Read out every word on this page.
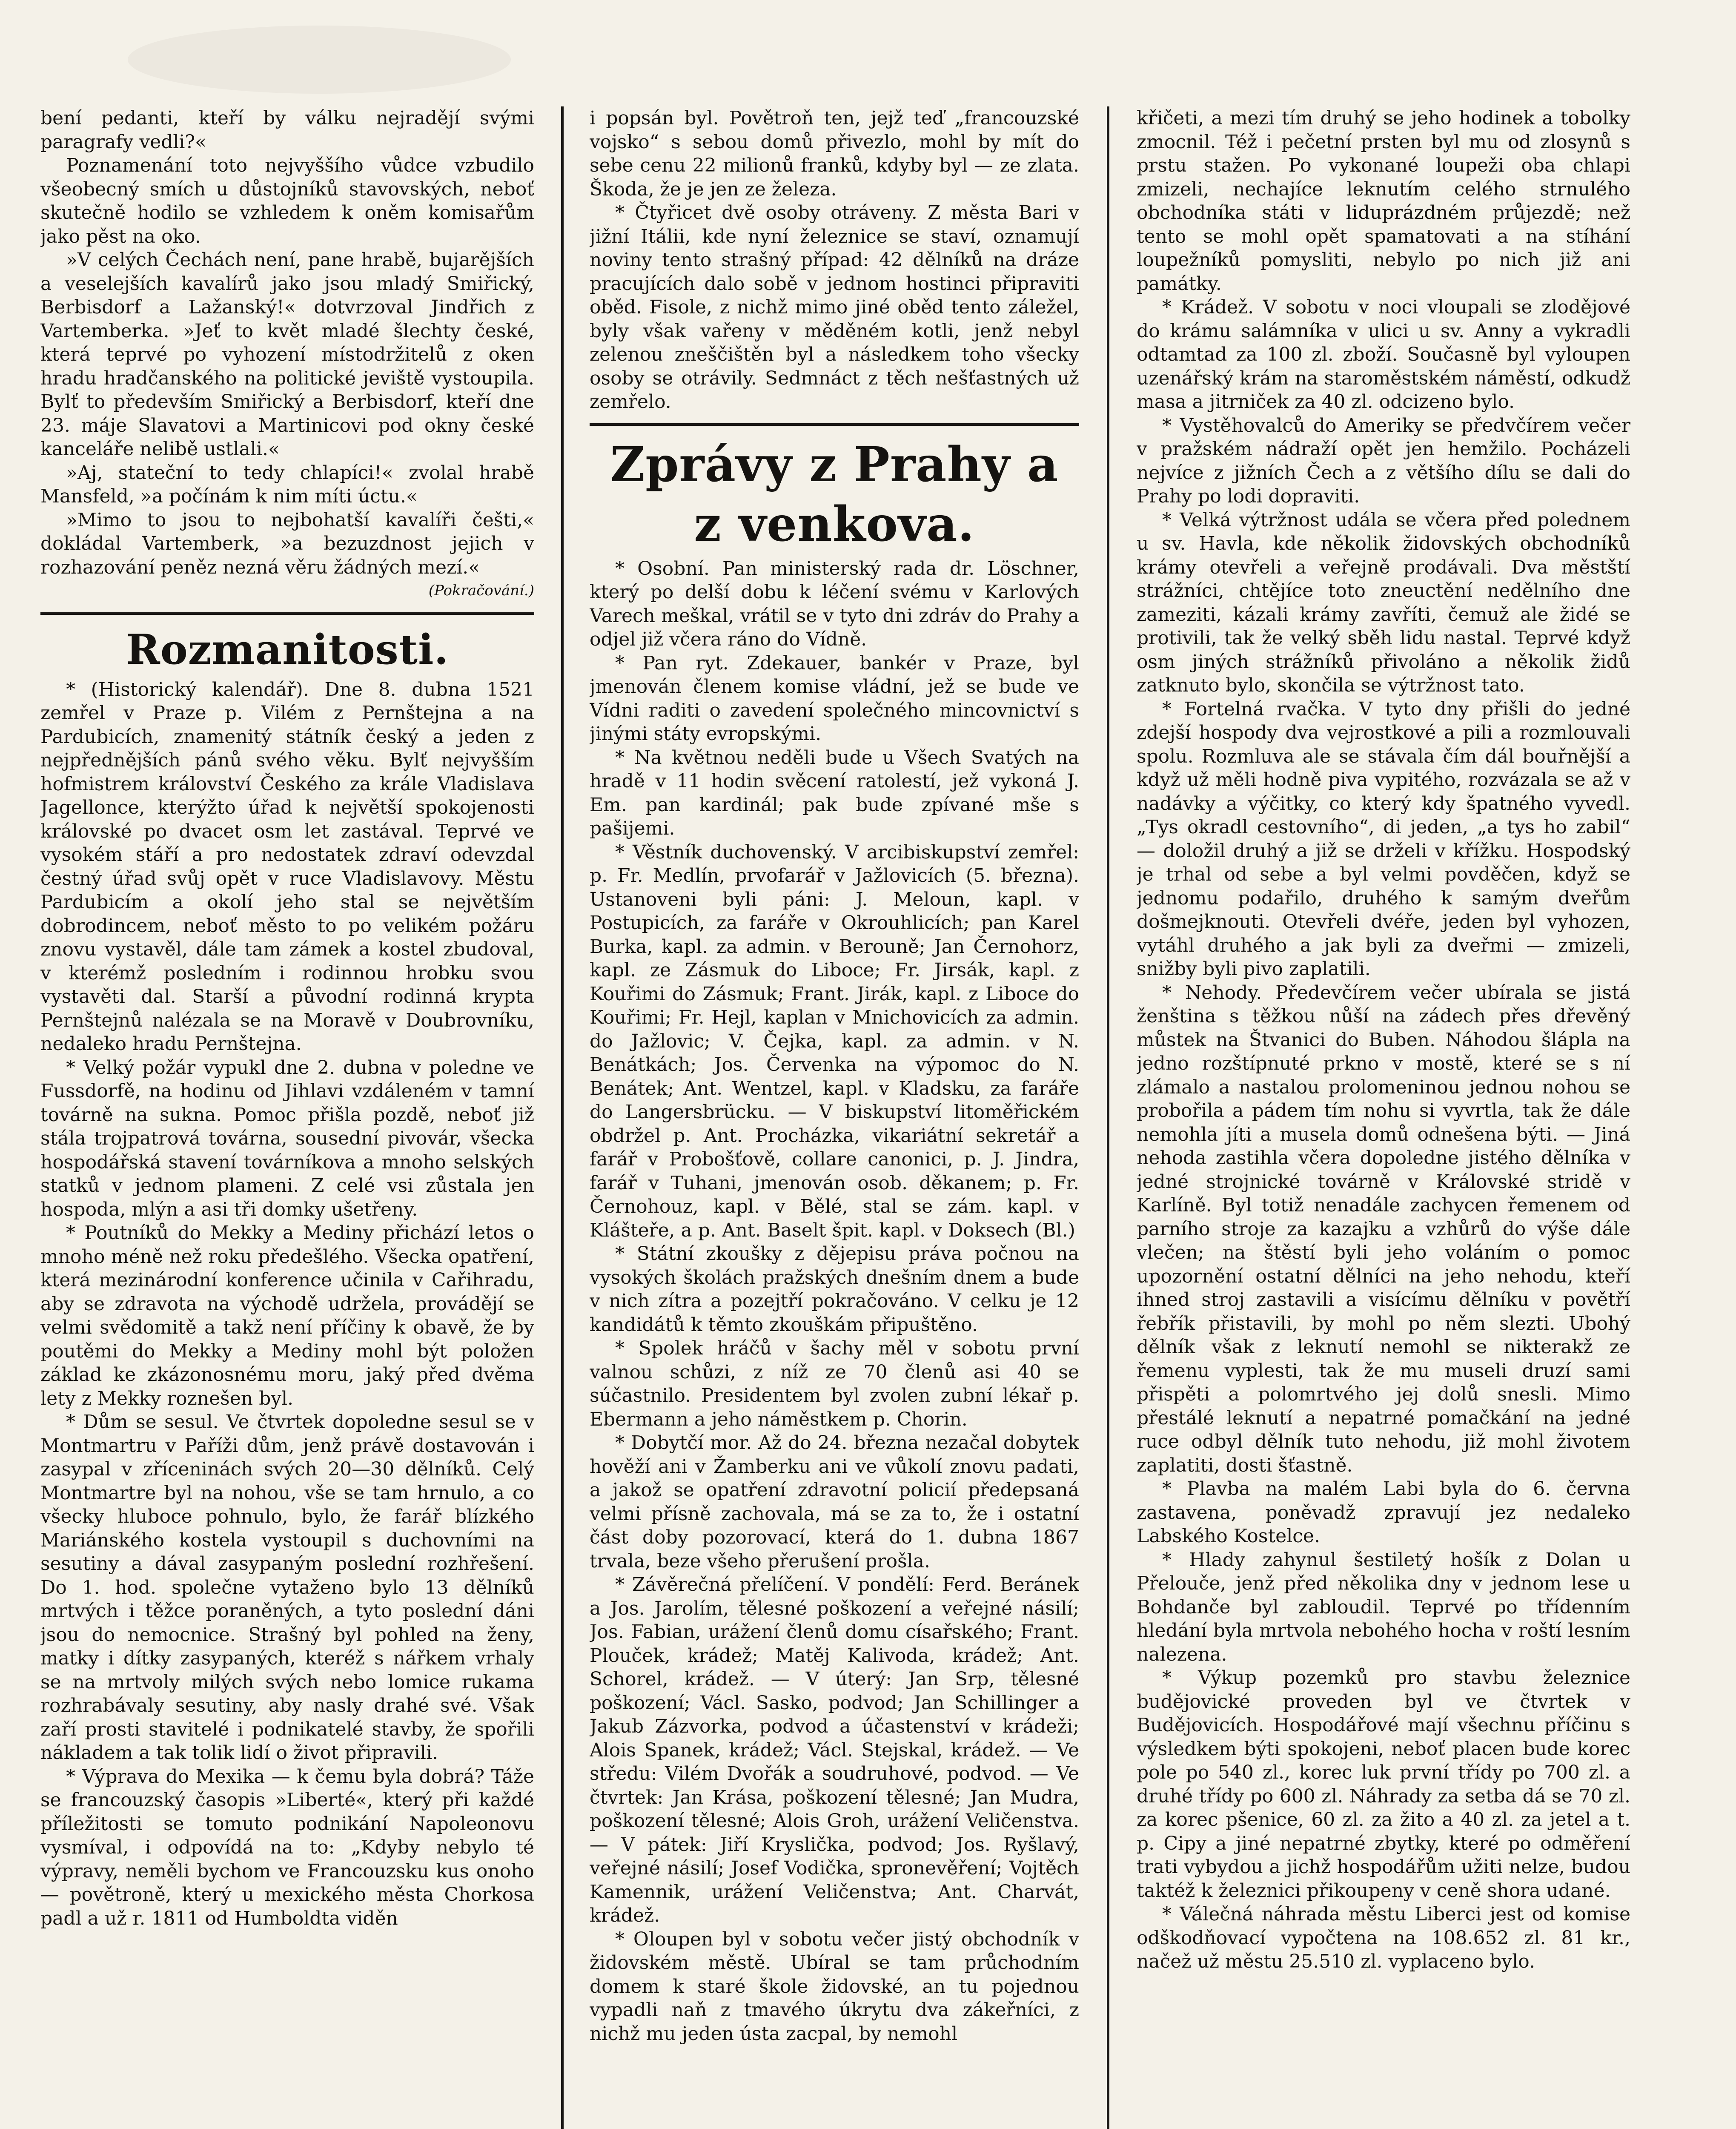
bení pedanti, kteří by válku nejradějí svými paragrafy vedli?«

Poznamenání toto nejvyššího vůdce vzbudilo všeobecný smích u důstojníků stavovských, neboť skutečně hodilo se vzhledem k oněm komisařům jako pěst na oko.

»V celých Čechách není, pane hrabě, bujarějších a veselejších kavalírů jako jsou mladý Smiřický, Berbisdorf a Lažanský!« dotvrzoval Jindřich z Vartemberka. »Jeť to květ mladé šlechty české, která teprvé po vyhození místodržitelů z oken hradu hradčanského na politické jeviště vystoupila. Bylť to především Smiřický a Berbisdorf, kteří dne 23. máje Slavatovi a Martinicovi pod okny české kanceláře nelibě ustlali.«

»Aj, stateční to tedy chlapíci!« zvolal hrabě Mansfeld, »a počínám k nim míti úctu.«

»Mimo to jsou to nejbohatší kavalíři češti,« dokládal Vartemberk, »a bezuzdnost jejich v rozhazování peněz nezná věru žádných mezí.«

(Pokračování.)
Rozmanitosti.

* (Historický kalendář). Dne 8. dubna 1521 zemřel v Praze p. Vilém z Pernštejna a na Pardubicích, znamenitý státník český a jeden z nejpřednějších pánů svého věku. Bylť nejvyšším hofmistrem království Českého za krále Vladislava Jagellonce, kterýžto úřad k největší spokojenosti královské po dvacet osm let zastával. Teprvé ve vysokém stáří a pro nedostatek zdraví odevzdal čestný úřad svůj opět v ruce Vladislavovy. Městu Pardubicím a okolí jeho stal se největším dobrodincem, neboť město to po velikém požáru znovu vystavěl, dále tam zámek a kostel zbudoval, v kterémž posledním i rodinnou hrobku svou vystavěti dal. Starší a původní rodinná krypta Pernštejnů nalézala se na Moravě v Doubrovníku, nedaleko hradu Pernštejna.

* Velký požár vypukl dne 2. dubna v poledne ve Fussdorfě, na hodinu od Jihlavi vzdáleném v tamní továrně na sukna. Pomoc přišla pozdě, neboť již stála trojpatrová továrna, sousední pivovár, všecka hospodářská stavení továrníkova a mnoho selských statků v jednom plameni. Z celé vsi zůstala jen hospoda, mlýn a asi tři domky ušetřeny.

* Poutníků do Mekky a Mediny přichází letos o mnoho méně než roku předešlého. Všecka opatření, která mezinárodní konference učinila v Cařihradu, aby se zdravota na východě udržela, provádějí se velmi svědomitě a takž není příčiny k obavě, že by poutěmi do Mekky a Mediny mohl být položen základ ke zkázonosnému moru, jaký před dvěma lety z Mekky roznešen byl.

* Dům se sesul. Ve čtvrtek dopoledne sesul se v Montmartru v Paříži dům, jenž právě dostavován i zasypal v zříceninách svých 20—30 dělníků. Celý Montmartre byl na nohou, vše se tam hrnulo, a co všecky hluboce pohnulo, bylo, že farář blízkého Mariánského kostela vystoupil s duchovními na sesutiny a dával zasypaným poslední rozhřešení. Do 1. hod. společne vytaženo bylo 13 dělníků mrtvých i těžce poraněných, a tyto poslední dáni jsou do nemocnice. Strašný byl pohled na ženy, matky i dítky zasypaných, kteréž s nářkem vrhaly se na mrtvoly milých svých nebo lomice rukama rozhrabávaly sesutiny, aby nasly drahé své. Však zaří prosti stavitelé i podnikatelé stavby, že spořili nákladem a tak tolik lidí o život připravili.

* Výprava do Mexika — k čemu byla dobrá? Táže se francouzský časopis »Liberté«, který při každé příležitosti se tomuto podnikání Napoleonovu vysmíval, i odpovídá na to: „Kdyby nebylo té výpravy, neměli bychom ve Francouzsku kus onoho — povětroně, který u mexického města Chorkosa padl a už r. 1811 od Humboldta viděn

i popsán byl. Povětroň ten, jejž teď „francouzské vojsko“ s sebou domů přivezlo, mohl by mít do sebe cenu 22 milionů franků, kdyby byl — ze zlata. Škoda, že je jen ze železa.

* Čtyřicet dvě osoby otráveny. Z města Bari v jižní Itálii, kde nyní železnice se staví, oznamují noviny tento strašný případ: 42 dělníků na dráze pracujících dalo sobě v jednom hostinci připraviti oběd. Fisole, z nichž mimo jiné oběd tento záležel, byly však vařeny v měděném kotli, jenž nebyl zelenou zneščištěn byl a následkem toho všecky osoby se otrávily. Sedmnáct z těch nešťastných už zemřelo.

Zprávy z Prahy a z venkova.

* Osobní. Pan ministerský rada dr. Löschner, který po delší dobu k léčení svému v Karlových Varech meškal, vrátil se v tyto dni zdráv do Prahy a odjel již včera ráno do Vídně.

* Pan ryt. Zdekauer, bankér v Praze, byl jmenován členem komise vládní, jež se bude ve Vídni raditi o zavedení společného mincovnictví s jinými státy evropskými.

* Na květnou neděli bude u Všech Svatých na hradě v 11 hodin svěcení ratolestí, jež vykoná J. Em. pan kardinál; pak bude zpívané mše s pašijemi.

* Věstník duchovenský. V arcibiskupství zemřel: p. Fr. Medlín, prvofarář v Jažlovicích (5. března). Ustanoveni byli páni: J. Meloun, kapl. v Postupicích, za faráře v Okrouhlicích; pan Karel Burka, kapl. za admin. v Berouně; Jan Černohorz, kapl. ze Zásmuk do Liboce; Fr. Jirsák, kapl. z Kouřimi do Zásmuk; Frant. Jirák, kapl. z Liboce do Kouřimi; Fr. Hejl, kaplan v Mnichovicích za admin. do Jažlovic; V. Čejka, kapl. za admin. v N. Benátkách; Jos. Červenka na výpomoc do N. Benátek; Ant. Wentzel, kapl. v Kladsku, za faráře do Langersbrücku. — V biskupství litoměřickém obdržel p. Ant. Procházka, vikariátní sekretář a farář v Probošťově, collare canonici, p. J. Jindra, farář v Tuhani, jmenován osob. děkanem; p. Fr. Černohouz, kapl. v Bělé, stal se zám. kapl. v Klášteře, a p. Ant. Baselt špit. kapl. v Doksech (Bl.)

* Státní zkoušky z dějepisu práva počnou na vysokých školách pražských dnešním dnem a bude v nich zítra a pozejtří pokračováno. V celku je 12 kandidátů k těmto zkouškám připuštěno.

* Spolek hráčů v šachy měl v sobotu první valnou schůzi, z níž ze 70 členů asi 40 se súčastnilo. Presidentem byl zvolen zubní lékař p. Ebermann a jeho náměstkem p. Chorin.

* Dobytčí mor. Až do 24. března nezačal dobytek hověží ani v Žamberku ani ve vůkolí znovu padati, a jakož se opatření zdravotní policií předepsaná velmi přísně zachovala, má se za to, že i ostatní část doby pozorovací, která do 1. dubna 1867 trvala, beze všeho přerušení prošla.

* Závěrečná přelíčení. V pondělí: Ferd. Beránek a Jos. Jarolím, tělesné poškození a veřejné násilí; Jos. Fabian, urážení členů domu císařského; Frant. Plouček, krádež; Matěj Kalivoda, krádež; Ant. Schorel, krádež. — V úterý: Jan Srp, tělesné poškození; Václ. Sasko, podvod; Jan Schillinger a Jakub Zázvorka, podvod a účastenství v krádeži; Alois Spanek, krádež; Václ. Stejskal, krádež. — Ve středu: Vilém Dvořák a soudruhové, podvod. — Ve čtvrtek: Jan Krása, poškození tělesné; Jan Mudra, poškození tělesné; Alois Groh, urážení Veličenstva. — V pátek: Jiří Kryslička, podvod; Jos. Ryšlavý, veřejné násilí; Josef Vodička, spronevěření; Vojtěch Kamennik, urážení Veličenstva; Ant. Charvát, krádež.

* Oloupen byl v sobotu večer jistý obchodník v židovském městě. Ubíral se tam průchodním domem k staré škole židovské, an tu pojednou vypadli naň z tmavého úkrytu dva zákeřníci, z nichž mu jeden ústa zacpal, by nemohl

křičeti, a mezi tím druhý se jeho hodinek a tobolky zmocnil. Též i pečetní prsten byl mu od zlosynů s prstu stažen. Po vykonané loupeži oba chlapi zmizeli, nechajíce leknutím celého strnulého obchodníka státi v liduprázdném průjezdě; než tento se mohl opět spamatovati a na stíhání loupežníků pomysliti, nebylo po nich již ani památky.

* Krádež. V sobotu v noci vloupali se zlodějové do krámu salámníka v ulici u sv. Anny a vykradli odtamtad za 100 zl. zboží. Současně byl vyloupen uzenářský krám na staroměstském náměstí, odkudž masa a jitrniček za 40 zl. odcizeno bylo.

* Vystěhovalců do Ameriky se předvčírem večer v pražském nádraží opět jen hemžilo. Pocházeli nejvíce z jižních Čech a z většího dílu se dali do Prahy po lodi dopraviti.

* Velká výtržnost udála se včera před polednem u sv. Havla, kde několik židovských obchodníků krámy otevřeli a veřejně prodávali. Dva městští strážníci, chtějíce toto zneuctění nedělního dne zameziti, kázali krámy zavříti, čemuž ale židé se protivili, tak že velký sběh lidu nastal. Teprvé když osm jiných strážníků přivoláno a několik židů zatknuto bylo, skončila se výtržnost tato.

* Fortelná rvačka. V tyto dny přišli do jedné zdejší hospody dva vejrostkové a pili a rozmlouvali spolu. Rozmluva ale se stávala čím dál bouřnější a když už měli hodně piva vypitého, rozvázala se až v nadávky a výčitky, co který kdy špatného vyvedl. „Tys okradl cestovního“, di jeden, „a tys ho zabil“ — doložil druhý a již se drželi v křížku. Hospodský je trhal od sebe a byl velmi povděčen, když se jednomu podařilo, druhého k samým dveřům došmejknouti. Otevřeli dvéře, jeden byl vyhozen, vytáhl druhého a jak byli za dveřmi — zmizeli, snižby byli pivo zaplatili.

* Nehody. Předevčírem večer ubírala se jistá ženština s těžkou nůší na zádech přes dřevěný můstek na Štvanici do Buben. Náhodou šlápla na jedno rozštípnuté prkno v mostě, které se s ní zlámalo a nastalou prolomeninou jednou nohou se probořila a pádem tím nohu si vyvrtla, tak že dále nemohla jíti a musela domů odnešena býti. — Jiná nehoda zastihla včera dopoledne jistého dělníka v jedné strojnické továrně v Královské stridě v Karlíně. Byl totiž nenadále zachycen řemenem od parního stroje za kazajku a vzhůrů do výše dále vlečen; na štěstí byli jeho voláním o pomoc upozornění ostatní dělníci na jeho nehodu, kteří ihned stroj zastavili a visícímu dělníku v povětří řebřík přistavili, by mohl po něm slezti. Ubohý dělník však z leknutí nemohl se nikterakž ze řemenu vyplesti, tak že mu museli druzí sami přispěti a polomrtvého jej dolů snesli. Mimo přestálé leknutí a nepatrné pomačkání na jedné ruce odbyl dělník tuto nehodu, již mohl životem zaplatiti, dosti šťastně.

* Plavba na malém Labi byla do 6. června zastavena, poněvadž zpravují jez nedaleko Labského Kostelce.

* Hlady zahynul šestiletý hošík z Dolan u Přelouče, jenž před několika dny v jednom lese u Bohdanče byl zabloudil. Teprvé po třídenním hledání byla mrtvola nebohého hocha v roští lesním nalezena.

* Výkup pozemků pro stavbu železnice budějovické proveden byl ve čtvrtek v Budějovicích. Hospodářové mají všechnu příčinu s výsledkem býti spokojeni, neboť placen bude korec pole po 540 zl., korec luk první třídy po 700 zl. a druhé třídy po 600 zl. Náhrady za setba dá se 70 zl. za korec pšenice, 60 zl. za žito a 40 zl. za jetel a t. p. Cipy a jiné nepatrné zbytky, které po odměření trati vybydou a jichž hospodářům užiti nelze, budou taktéž k železnici přikoupeny v ceně shora udané.

* Válečná náhrada městu Liberci jest od komise odškodňovací vypočtena na 108.652 zl. 81 kr., načež už městu 25.510 zl. vyplaceno bylo.
